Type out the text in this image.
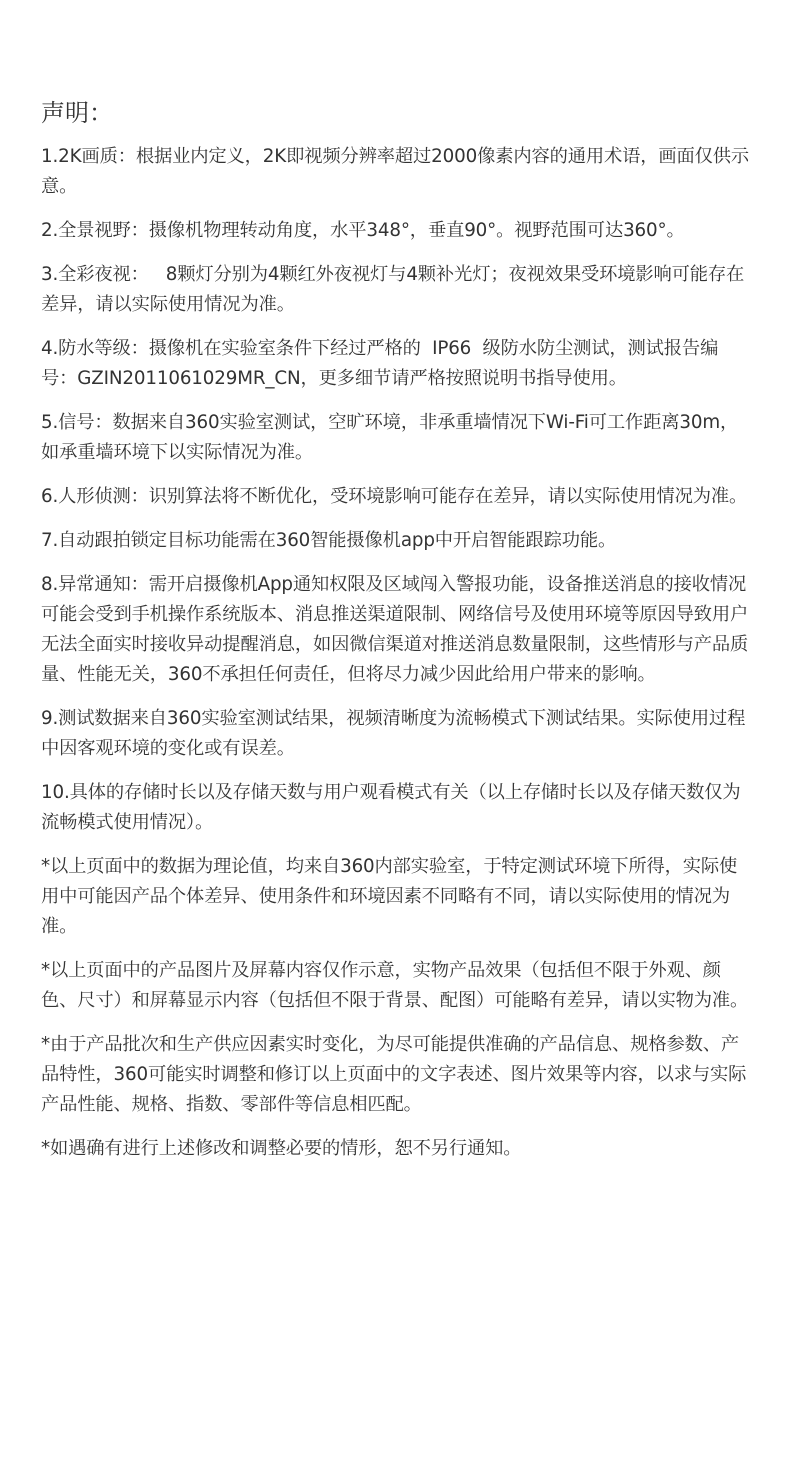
声明：

1.2K画质：根据业内定义，2K即视频分辨率超过2000像素内容的通用术语，画面仅供示意。

2.全景视野：摄像机物理转动角度，水平348°，垂直90°。视野范围可达360°。

3.全彩夜视：   8颗灯分别为4颗红外夜视灯与4颗补光灯；夜视效果受环境影响可能存在差异，请以实际使用情况为准。

4.防水等级：摄像机在实验室条件下经过严格的  IP66  级防水防尘测试，测试报告编号：GZIN2011061029MR_CN，更多细节请严格按照说明书指导使用。

5.信号：数据来自360实验室测试，空旷环境，非承重墙情况下Wi-Fi可工作距离30m，如承重墙环境下以实际情况为准。

6.人形侦测：识别算法将不断优化，受环境影响可能存在差异，请以实际使用情况为准。

7.自动跟拍锁定目标功能需在360智能摄像机app中开启智能跟踪功能。

8.异常通知：需开启摄像机App通知权限及区域闯入警报功能，设备推送消息的接收情况可能会受到手机操作系统版本、消息推送渠道限制、网络信号及使用环境等原因导致用户无法全面实时接收异动提醒消息，如因微信渠道对推送消息数量限制，这些情形与产品质量、性能无关，360不承担任何责任，但将尽力减少因此给用户带来的影响。

9.测试数据来自360实验室测试结果，视频清晰度为流畅模式下测试结果。实际使用过程中因客观环境的变化或有误差。

10.具体的存储时长以及存储天数与用户观看模式有关（以上存储时长以及存储天数仅为流畅模式使用情况）。

*以上页面中的数据为理论值，均来自360内部实验室，于特定测试环境下所得，实际使用中可能因产品个体差异、使用条件和环境因素不同略有不同，请以实际使用的情况为准。

*以上页面中的产品图片及屏幕内容仅作示意，实物产品效果（包括但不限于外观、颜色、尺寸）和屏幕显示内容（包括但不限于背景、配图）可能略有差异，请以实物为准。

*由于产品批次和生产供应因素实时变化，为尽可能提供准确的产品信息、规格参数、产品特性，360可能实时调整和修订以上页面中的文字表述、图片效果等内容，以求与实际产品性能、规格、指数、零部件等信息相匹配。

*如遇确有进行上述修改和调整必要的情形，恕不另行通知。
